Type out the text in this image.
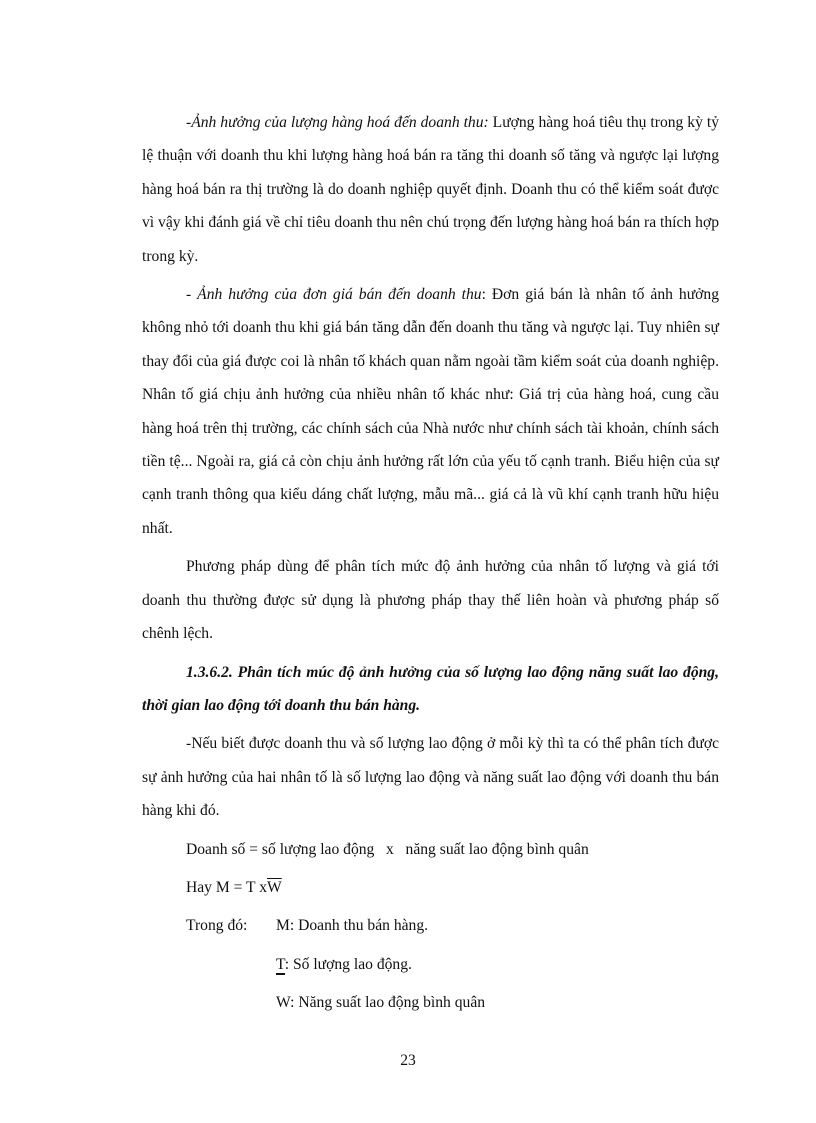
-Ảnh hưởng của lượng hàng hoá đến doanh thu: Lượng hàng hoá tiêu thụ trong kỳ tỷ lệ thuận với doanh thu khi lượng hàng hoá bán ra tăng thi doanh số tăng và ngược lại lượng hàng hoá bán ra thị trường là do doanh nghiệp quyết định. Doanh thu có thể kiểm soát được vì vậy khi đánh giá về chỉ tiêu doanh thu nên chú trọng đến lượng hàng hoá bán ra thích hợp trong kỳ.

- Ảnh hưởng của đơn giá bán đến doanh thu: Đơn giá bán là nhân tố ảnh hưởng không nhỏ tới doanh thu khi giá bán tăng dẫn đến doanh thu tăng và ngược lại. Tuy nhiên sự thay đổi của giá được coi là nhân tố khách quan nằm ngoài tầm kiểm soát của doanh nghiệp. Nhân tố giá chịu ảnh hưởng của nhiều nhân tố khác như: Giá trị của hàng hoá, cung cầu hàng hoá trên thị trường, các chính sách của Nhà nước như chính sách tài khoản, chính sách tiền tệ... Ngoài ra, giá cả còn chịu ảnh hưởng rất lớn của yếu tố cạnh tranh. Biểu hiện của sự cạnh tranh thông qua kiểu dáng chất lượng, mẫu mã... giá cả là vũ khí cạnh tranh hữu hiệu nhất.

Phương pháp dùng để phân tích mức độ ảnh hưởng của nhân tố lượng và giá tới doanh thu thường được sử dụng là phương pháp thay thế liên hoàn và phương pháp số chênh lệch.

1.3.6.2. Phân tích múc độ ảnh hưởng của số lượng lao động năng suất lao động, thời gian lao động tới doanh thu bán hàng.

-Nếu biết được doanh thu và số lượng lao động ở mỗi kỳ thì ta có thể phân tích được sự ảnh hưởng của hai nhân tố là số lượng lao động và năng suất lao động với doanh thu bán hàng khi đó.

Doanh số = số lượng lao động   x   năng suất lao động bình quân
Hay M = T $x\overline{W}$
Trong đó: M: Doanh thu bán hàng.
T: Số lượng lao động.
W: Năng suất lao động bình quân
23
